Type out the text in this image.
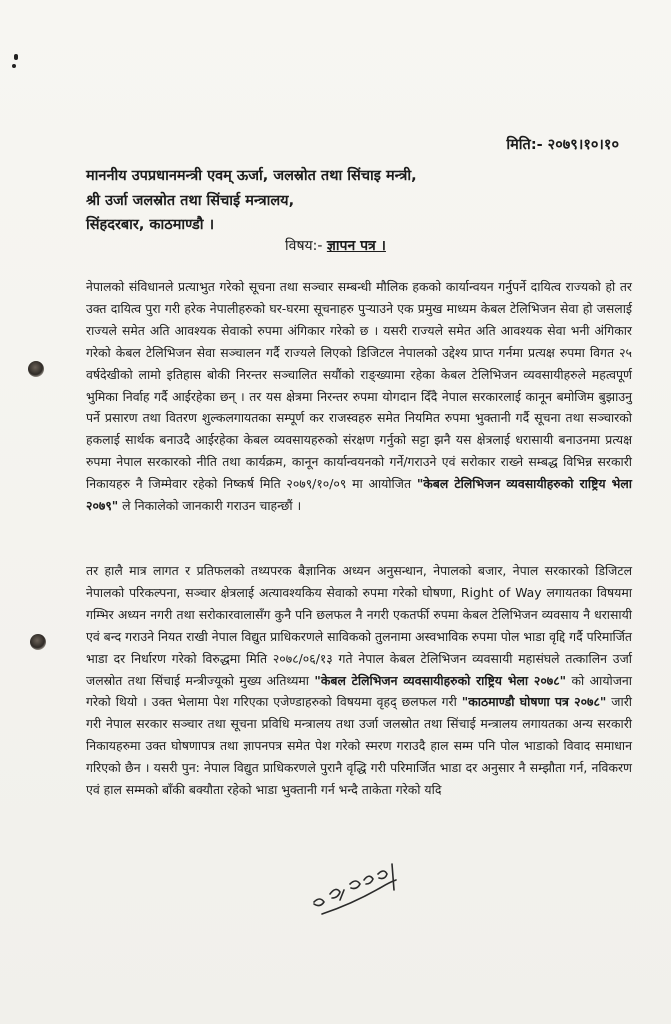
मिति:- २०७९।१०।१०
माननीय उपप्रधानमन्त्री एवम् ऊर्जा, जलस्रोत तथा सिंचाइ मन्त्री,
श्री उर्जा जलस्रोत तथा सिंचाई मन्त्रालय,
सिंहदरबार, काठमाण्डौ ।
विषय:- ज्ञापन पत्र ।

नेपालको संविधानले प्रत्याभुत गरेको सूचना तथा सञ्चार सम्बन्धी मौलिक हकको कार्यान्वयन गर्नुपर्ने दायित्व राज्यको हो तर उक्त दायित्व पुरा गरी हरेक नेपालीहरुको घर-घरमा सूचनाहरु पुऱ्याउने एक प्रमुख माध्यम केबल टेलिभिजन सेवा हो जसलाई राज्यले समेत अति आवश्यक सेवाको रुपमा अंगिकार गरेको छ । यसरी राज्यले समेत अति आवश्यक सेवा भनी अंगिकार गरेको केबल टेलिभिजन सेवा सञ्चालन गर्दै राज्यले लिएको डिजिटल नेपालको उद्देश्य प्राप्त गर्नमा प्रत्यक्ष रुपमा विगत २५ वर्षदेखीको लामो इतिहास बोकी निरन्तर सञ्चालित सयौंको राङ्ख्यामा रहेका केबल टेलिभिजन व्यवसायीहरुले महत्वपूर्ण भुमिका निर्वाह गर्दै आईरहेका छन् । तर यस क्षेत्रमा निरन्तर रुपमा योगदान दिँदै नेपाल सरकारलाई कानून बमोजिम बुझाउनु पर्ने प्रसारण तथा वितरण शुल्कलगायतका सम्पूर्ण कर राजस्वहरु समेत नियमित रुपमा भुक्तानी गर्दै सूचना तथा सञ्चारको हकलाई सार्थक बनाउदै आईरहेका केबल व्यवसायहरुको संरक्षण गर्नुको सट्टा झनै यस क्षेत्रलाई धरासायी बनाउनमा प्रत्यक्ष रुपमा नेपाल सरकारको नीति तथा कार्यक्रम, कानून कार्यान्वयनको गर्ने/गराउने एवं सरोकार राख्ने सम्बद्ध विभिन्न सरकारी निकायहरु नै जिम्मेवार रहेको निष्कर्ष मिति २०७९/१०/०९ मा आयोजित "केबल टेलिभिजन व्यवसायीहरुको राष्ट्रिय भेला २०७९" ले निकालेको जानकारी गराउन चाहन्छौं ।

तर हालै मात्र लागत र प्रतिफलको तथ्यपरक बैज्ञानिक अध्यन अनुसन्धान, नेपालको बजार, नेपाल सरकारको डिजिटल नेपालको परिकल्पना, सञ्चार क्षेत्रलाई अत्यावश्यकिय सेवाको रुपमा गरेको घोषणा, Right of Way लगायतका विषयमा गम्भिर अध्यन नगरी तथा सरोकारवालासँग कुनै पनि छलफल नै नगरी एकतर्फी रुपमा केबल टेलिभिजन व्यवसाय नै धरासायी एवं बन्द गराउने नियत राखी नेपाल विद्युत प्राधिकरणले साविकको तुलनामा अस्वभाविक रुपमा पोल भाडा वृद्दि गर्दै परिमार्जित भाडा दर निर्धारण गरेको विरुद्धमा मिति २०७८/०६/१३ गते नेपाल केबल टेलिभिजन व्यवसायी महासंघले तत्कालिन उर्जा जलस्रोत तथा सिंचाई मन्त्रीज्यूको मुख्य अतिथ्यमा "केबल टेलिभिजन व्यवसायीहरुको राष्ट्रिय भेला २०७८" को आयोजना गरेको थियो । उक्त भेलामा पेश गरिएका एजेण्डाहरुको विषयमा वृहद् छलफल गरी "काठमाण्डौ घोषणा पत्र २०७८" जारी गरी नेपाल सरकार सञ्चार तथा सूचना प्रविधि मन्त्रालय तथा उर्जा जलस्रोत तथा सिंचाई मन्त्रालय लगायतका अन्य सरकारी निकायहरुमा उक्त घोषणापत्र तथा ज्ञापनपत्र समेत पेश गरेको स्मरण गराउदै हाल सम्म पनि पोल भाडाको विवाद समाधान गरिएको छैन । यसरी पुन: नेपाल विद्युत प्राधिकरणले पुरानै वृद्धि गरी परिमार्जित भाडा दर अनुसार नै सम्झौता गर्न, नविकरण एवं हाल सम्मको बाँकी बक्यौता रहेको भाडा भुक्तानी गर्न भन्दै ताकेता गरेको यदि
